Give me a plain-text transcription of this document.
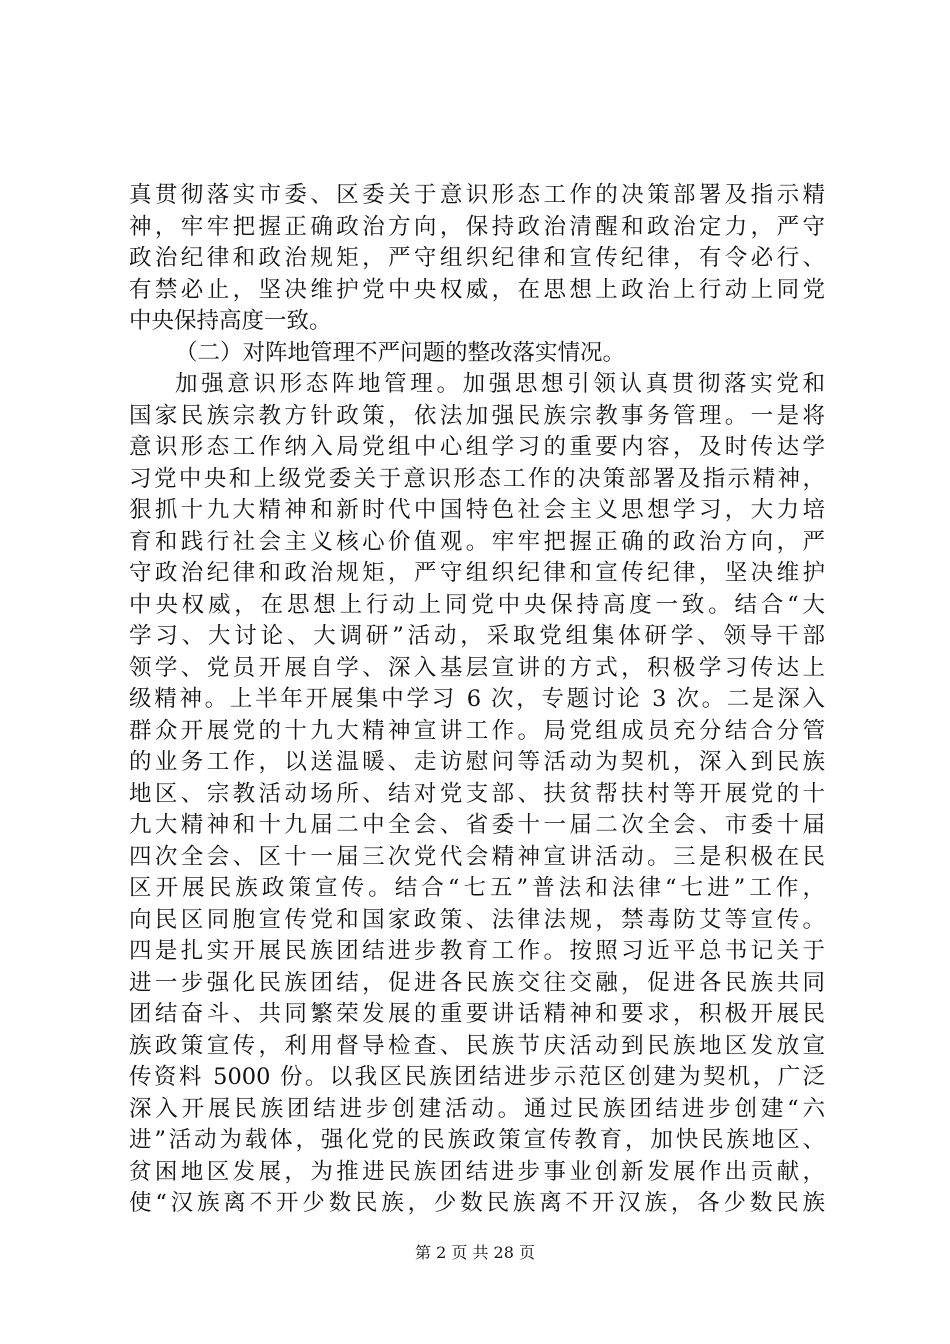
真贯彻落实市委、区委关于意识形态工作的决策部署及指示精
神，牢牢把握正确政治方向，保持政治清醒和政治定力，严守
政治纪律和政治规矩，严守组织纪律和宣传纪律，有令必行、
有禁必止，坚决维护党中央权威，在思想上政治上行动上同党
中央保持高度一致。
（二）对阵地管理不严问题的整改落实情况。
加强意识形态阵地管理。加强思想引领认真贯彻落实党和
国家民族宗教方针政策，依法加强民族宗教事务管理。一是将
意识形态工作纳入局党组中心组学习的重要内容，及时传达学
习党中央和上级党委关于意识形态工作的决策部署及指示精神，
狠抓十九大精神和新时代中国特色社会主义思想学习，大力培
育和践行社会主义核心价值观。牢牢把握正确的政治方向，严
守政治纪律和政治规矩，严守组织纪律和宣传纪律，坚决维护
中央权威，在思想上行动上同党中央保持高度一致。结合“大
学习、大讨论、大调研”活动，采取党组集体研学、领导干部
领学、党员开展自学、深入基层宣讲的方式，积极学习传达上
级精神。上半年开展集中学习 6 次，专题讨论 3 次。二是深入
群众开展党的十九大精神宣讲工作。局党组成员充分结合分管
的业务工作，以送温暖、走访慰问等活动为契机，深入到民族
地区、宗教活动场所、结对党支部、扶贫帮扶村等开展党的十
九大精神和十九届二中全会、省委十一届二次全会、市委十届
四次全会、区十一届三次党代会精神宣讲活动。三是积极在民
区开展民族政策宣传。结合“七五”普法和法律“七进”工作，
向民区同胞宣传党和国家政策、法律法规，禁毒防艾等宣传。
四是扎实开展民族团结进步教育工作。按照习近平总书记关于
进一步强化民族团结，促进各民族交往交融，促进各民族共同
团结奋斗、共同繁荣发展的重要讲话精神和要求，积极开展民
族政策宣传，利用督导检查、民族节庆活动到民族地区发放宣
传资料 5000 份。以我区民族团结进步示范区创建为契机，广泛
深入开展民族团结进步创建活动。通过民族团结进步创建“六
进”活动为载体，强化党的民族政策宣传教育，加快民族地区、
贫困地区发展，为推进民族团结进步事业创新发展作出贡献，
使“汉族离不开少数民族，少数民族离不开汉族，各少数民族
第 2 页 共 28 页
